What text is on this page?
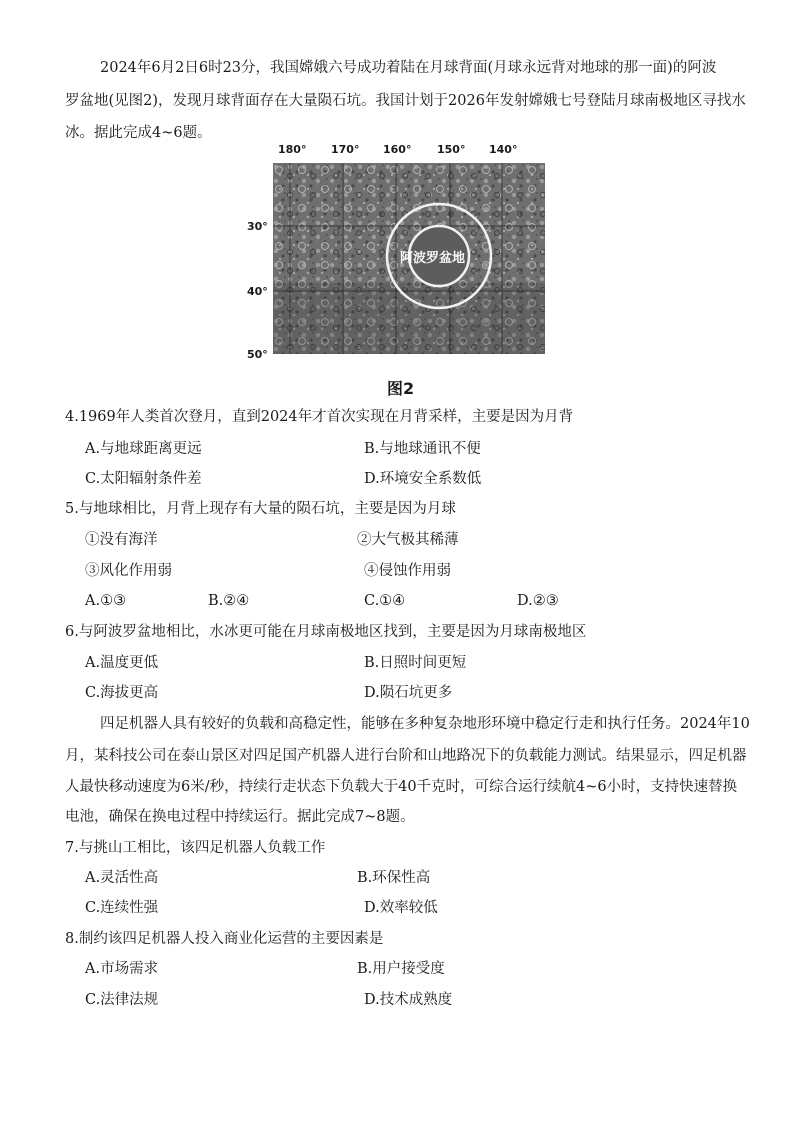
2024年6月2日6时23分，我国嫦娥六号成功着陆在月球背面(月球永远背对地球的那一面)的阿波
罗盆地(见图2)，发现月球背面存在大量陨石坑。我国计划于2026年发射嫦娥七号登陆月球南极地区寻找水
冰。据此完成4~6题。
180° 170° 160° 150° 140°
30°
40°
50°
阿波罗盆地
图2
4.1969年人类首次登月，直到2024年才首次实现在月背采样，主要是因为月背
A.与地球距离更远	B.与地球通讯不便
C.太阳辐射条件差	D.环境安全系数低
5.与地球相比，月背上现存有大量的陨石坑，主要是因为月球
①没有海洋	②大气极其稀薄
③风化作用弱	④侵蚀作用弱
A.①③	B.②④	C.①④	D.②③
6.与阿波罗盆地相比，水冰更可能在月球南极地区找到，主要是因为月球南极地区
A.温度更低	B.日照时间更短
C.海拔更高	D.陨石坑更多
四足机器人具有较好的负载和高稳定性，能够在多种复杂地形环境中稳定行走和执行任务。2024年10
月，某科技公司在泰山景区对四足国产机器人进行台阶和山地路况下的负载能力测试。结果显示，四足机器
人最快移动速度为6米/秒，持续行走状态下负载大于40千克时，可综合运行续航4~6小时，支持快速替换
电池，确保在换电过程中持续运行。据此完成7~8题。
7.与挑山工相比，该四足机器人负载工作
A.灵活性高	B.环保性高
C.连续性强	D.效率较低
8.制约该四足机器人投入商业化运营的主要因素是
A.市场需求	B.用户接受度
C.法律法规	D.技术成熟度
